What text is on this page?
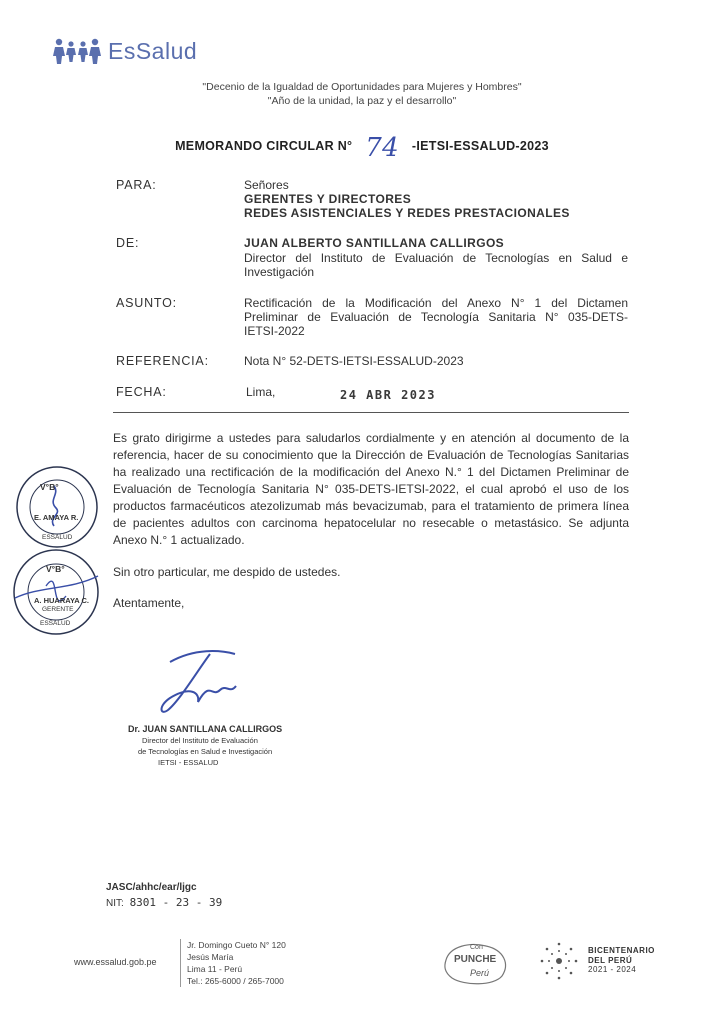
EsSalud
"Decenio de la Igualdad de Oportunidades para Mujeres y Hombres"
"Año de la unidad, la paz y el desarrollo"
MEMORANDO CIRCULAR N° 74 -IETSI-ESSALUD-2023
PARA:	Señores
GERENTES Y DIRECTORES
REDES ASISTENCIALES Y REDES PRESTACIONALES
DE:	JUAN ALBERTO SANTILLANA CALLIRGOS
Director del Instituto de Evaluación de Tecnologías en Salud e
Investigación
ASUNTO:	Rectificación de la Modificación del Anexo N° 1 del Dictamen
Preliminar de Evaluación de Tecnología Sanitaria N° 035-DETS-
IETSI-2022
REFERENCIA:	Nota N° 52-DETS-IETSI-ESSALUD-2023
FECHA:	Lima,	24 ABR 2023
Es grato dirigirme a ustedes para saludarlos cordialmente y en atención al documento de la referencia, hacer de su conocimiento que la Dirección de Evaluación de Tecnologías Sanitarias ha realizado una rectificación de la modificación del Anexo N.° 1 del Dictamen Preliminar de Evaluación de Tecnología Sanitaria N° 035-DETS-IETSI-2022, el cual aprobó el uso de los productos farmacéuticos atezolizumab más bevacizumab, para el tratamiento de primera línea de pacientes adultos con carcinoma hepatocelular no resecable o metastásico. Se adjunta Anexo N.° 1 actualizado.
Sin otro particular, me despido de ustedes.
Atentamente,
V°B°
E. AMAYA R.
ESSALUD
V°B°
A. HUARAYA C.
GERENTE
ESSALUD
Dr. JUAN SANTILLANA CALLIRGOS
Director del Instituto de Evaluación
de Tecnologías en Salud e Investigación
IETSI - ESSALUD
JASC/ahhc/ear/ljgc
NIT: 8301 - 23 - 39
www.essalud.gob.pe
Jr. Domingo Cueto N° 120
Jesús María
Lima 11 - Perú
Tel.: 265-6000 / 265-7000
Con
PUNCHE
Perú
BICENTENARIO
DEL PERÚ
2021 - 2024
